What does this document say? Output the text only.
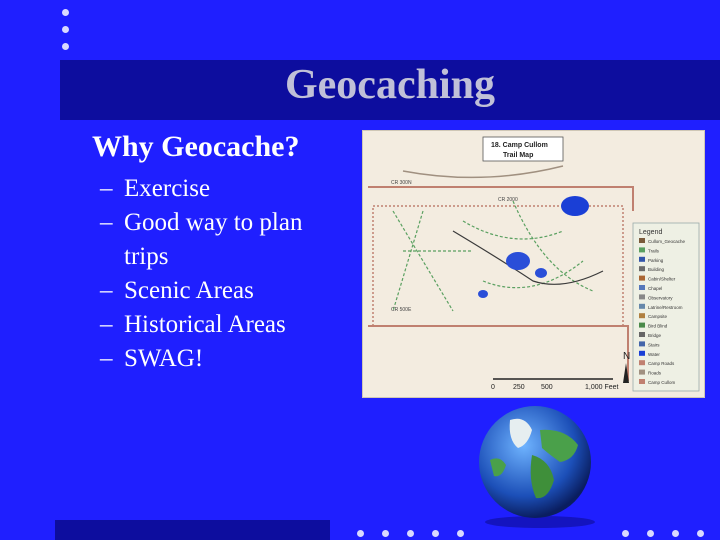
Geocaching
Why Geocache?
– Exercise
– Good way to plan trips
– Scenic Areas
– Historical Areas
– SWAG!
Legend
18. Camp Cullom
Trail Map
N
0	250 500	1,000 Feet
Cullom_Geocache
Trails
Parking
Building
Cabin/Shelter
Chapel
Observatory
Latrine/Restroom
Campsite
Bird Blind
Bridge
Stairs
Water
Camp Roads
Roads
Camp Cullom
CR 300N
CR 2000
CR 500E
